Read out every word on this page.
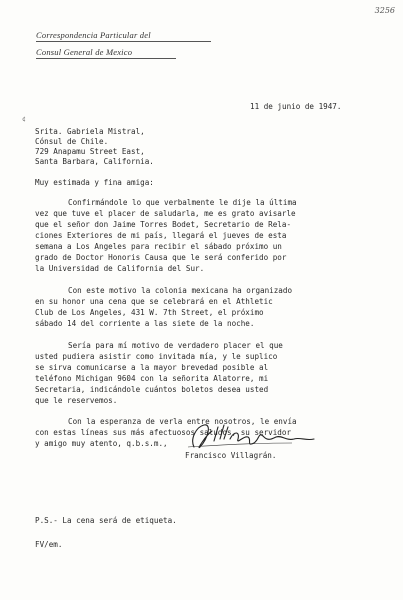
3256
Correspondencia Particular del
Consul General de Mexico
11 de junio de 1947.
¢
Srita. Gabriela Mistral,
Cónsul de Chile.
729 Anapamu Street East,
Santa Barbara, California.
Muy estimada y fina amiga:
Confirmándole lo que verbalmente le dije la última
vez que tuve el placer de saludarla, me es grato avisarle
que el señor don Jaime Torres Bodet, Secretario de Rela-
ciones Exteriores de mi país, llegará el jueves de esta
semana a Los Angeles para recibir el sábado próximo un
grado de Doctor Honoris Causa que le será conferido por
la Universidad de California del Sur.
Con este motivo la colonia mexicana ha organizado
en su honor una cena que se celebrará en el Athletic
Club de Los Angeles, 431 W. 7th Street, el próximo
sábado 14 del corriente a las siete de la noche.
Sería para mí motivo de verdadero placer el que
usted pudiera asistir como invitada mía, y le suplico
se sirva comunicarse a la mayor brevedad posible al
teléfono Michigan 9604 con la señorita Alatorre, mi
Secretaria, indicándole cuántos boletos desea usted
que le reservemos.
Con la esperanza de verla entre nosotros, le envía
con estas líneas sus más afectuosos saludos, su servidor
y amigo muy atento, q.b.s.m.,
Francisco Villagrán.
P.S.- La cena será de etiqueta.
FV/em.
